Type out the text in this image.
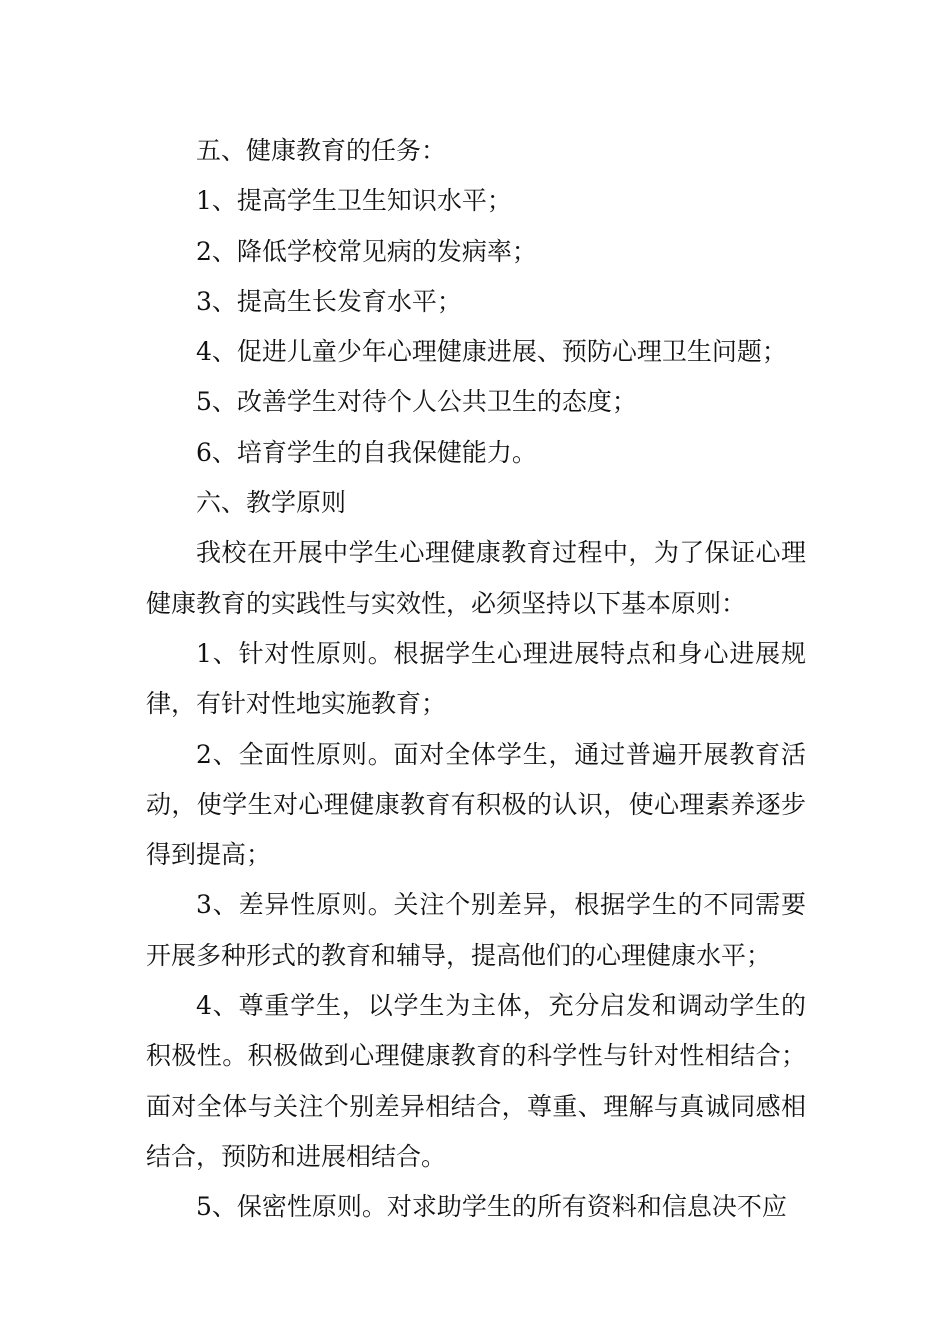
五、健康教育的任务：

1、提高学生卫生知识水平；

2、降低学校常见病的发病率；

3、提高生长发育水平；

4、促进儿童少年心理健康进展、预防心理卫生问题；

5、改善学生对待个人公共卫生的态度；

6、培育学生的自我保健能力。

六、教学原则

我校在开展中学生心理健康教育过程中，为了保证心理健康教育的实践性与实效性，必须坚持以下基本原则：

1、针对性原则。根据学生心理进展特点和身心进展规律，有针对性地实施教育；

2、全面性原则。面对全体学生，通过普遍开展教育活动，使学生对心理健康教育有积极的认识，使心理素养逐步得到提高；

3、差异性原则。关注个别差异，根据学生的不同需要开展多种形式的教育和辅导，提高他们的心理健康水平；

4、尊重学生，以学生为主体，充分启发和调动学生的积极性。积极做到心理健康教育的科学性与针对性相结合；面对全体与关注个别差异相结合，尊重、理解与真诚同感相结合，预防和进展相结合。

5、保密性原则。对求助学生的所有资料和信息决不应
